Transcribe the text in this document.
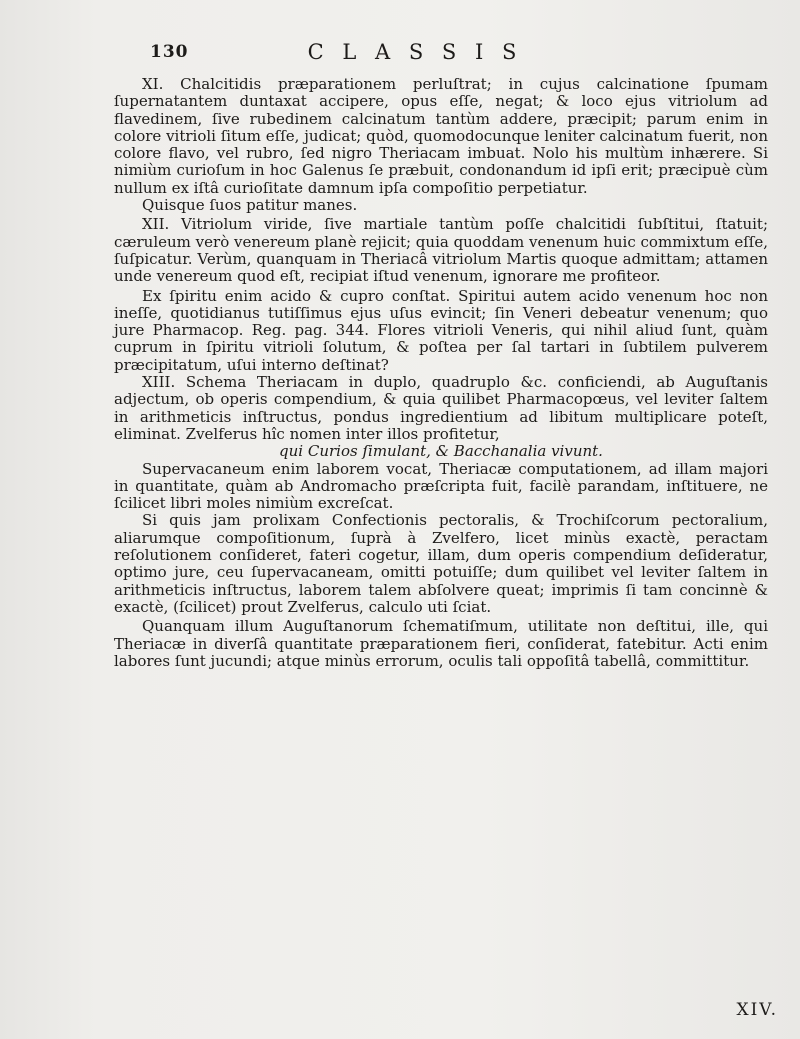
130	C L A S S I S

XI. Chalcitidis præparationem perluſtrat; in cujus calcinatione ſpumam ſupernatantem duntaxat accipere, opus eſſe, negat; & loco ejus vitriolum ad flavedinem, ſive rubedinem calcinatum tantùm addere, præcipit; parum enim in colore vitrioli ſitum eſſe, judicat; quòd, quomodocunque leniter calcinatum fuerit, non colore flavo, vel rubro, ſed nigro Theriacam imbuat. Nolo his multùm inhærere. Si nimiùm curioſum in hoc Galenus ſe præbuit, condonandum id ipſi erit; præcipuè cùm nullum ex iſtâ curioſitate damnum ipſa compoſitio perpetiatur.

Quisque ſuos patitur manes.

XII. Vitriolum viride, ſive martiale tantùm poſſe chalcitidi ſubſtitui, ſtatuit; cæruleum verò venereum planè rejicit; quia quoddam venenum huic commixtum eſſe, ſuſpicatur. Verùm, quanquam in Theriacâ vitriolum Martis quoque admittam; attamen unde venereum quod eſt, recipiat iſtud venenum, ignorare me profiteor.

Ex ſpiritu enim acido & cupro conſtat. Spiritui autem acido venenum hoc non ineſſe, quotidianus tutiſſimus ejus uſus evincit; ſin Veneri debeatur venenum; quo jure Pharmacop. Reg. pag. 344. Flores vitrioli Veneris, qui nihil aliud ſunt, quàm cuprum in ſpiritu vitrioli ſolutum, & poſtea per ſal tartari in ſubtilem pulverem præcipitatum, uſui interno deſtinat?

XIII. Schema Theriacam in duplo, quadruplo &c. conficiendi, ab Auguſtanis adjectum, ob operis compendium, & quia quilibet Pharmacopœus, vel leviter ſaltem in arithmeticis inſtructus, pondus ingredientium ad libitum multiplicare poteſt, eliminat. Zvelferus hîc nomen inter illos profitetur,

qui Curios ſimulant, & Bacchanalia vivunt.

Supervacaneum enim laborem vocat, Theriacæ computationem, ad illam majori in quantitate, quàm ab Andromacho præſcripta fuit, facilè parandam, inſtituere, ne ſcilicet libri moles nimiùm excreſcat.

Si quis jam prolixam Confectionis pectoralis, & Trochiſcorum pectoralium, aliarumque compoſitionum, ſuprà à Zvelfero, licet minùs exactè, peractam reſolutionem conſideret, fateri cogetur, illam, dum operis compendium deſideratur, optimo jure, ceu ſupervacaneam, omitti potuiſſe; dum quilibet vel leviter ſaltem in arithmeticis inſtructus, laborem talem abſolvere queat; imprimis ſi tam concinnè & exactè, (ſcilicet) prout Zvelferus, calculo uti ſciat.

Quanquam illum Auguſtanorum ſchematiſmum, utilitate non deſtitui, ille, qui Theriacæ in diverſâ quantitate præparationem fieri, conſiderat, fatebitur. Acti enim labores ſunt jucundi; atque minùs errorum, oculis tali oppoſitâ tabellâ, committitur.

XIV.
